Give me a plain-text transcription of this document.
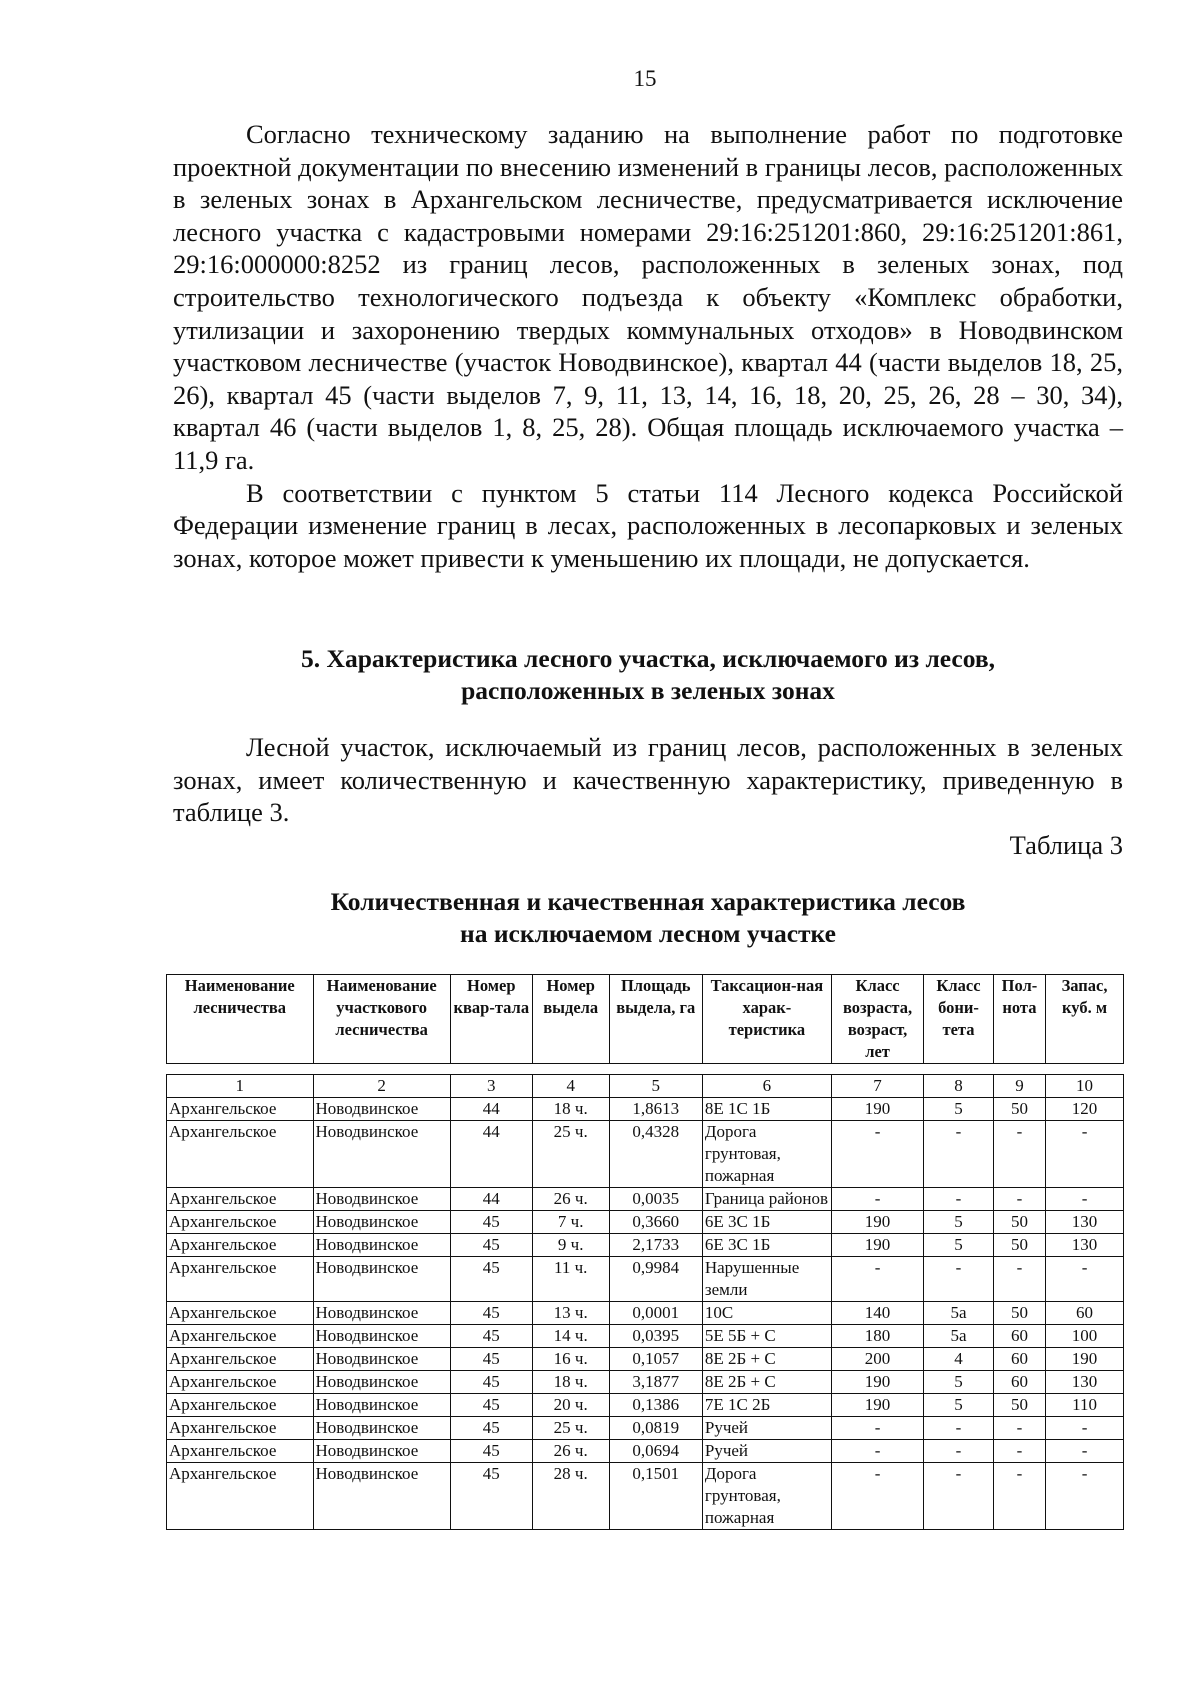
15

Согласно техническому заданию на выполнение работ по подготовке проектной документации по внесению изменений в границы лесов, расположенных в зеленых зонах в Архангельском лесничестве, предусматривается исключение лесного участка с кадастровыми номерами 29:16:251201:860, 29:16:251201:861, 29:16:000000:8252 из границ лесов, расположенных в зеленых зонах, под строительство технологического подъезда к объекту «Комплекс обработки, утилизации и захоронению твердых коммунальных отходов» в Новодвинском участковом лесничестве (участок Новодвинское), квартал 44 (части выделов 18, 25, 26), квартал 45 (части выделов 7, 9, 11, 13, 14, 16, 18, 20, 25, 26, 28 – 30, 34), квартал 46 (части выделов 1, 8, 25, 28). Общая площадь исключаемого участка – 11,9 га.

В соответствии с пунктом 5 статьи 114 Лесного кодекса Российской Федерации изменение границ в лесах, расположенных в лесопарковых и зеленых зонах, которое может привести к уменьшению их площади, не допускается.

5. Характеристика лесного участка, исключаемого из лесов,
расположенных в зеленых зонах

Лесной участок, исключаемый из границ лесов, расположенных в зеленых зонах, имеет количественную и качественную характеристику, приведенную в таблице 3.

Таблица 3
Количественная и качественная характеристика лесов
на исключаемом лесном участке
Наименование лесничества	Наименование участкового лесничества	Номер квар-тала	Номер выдела	Площадь выдела, га	Таксацион-ная харак-теристика	Класс возраста, возраст, лет	Класс бони-тета	Пол-нота	Запас, куб. м
1	2	3	4	5	6	7	8	9	10
Архангельское	Новодвинское	44	18 ч.	1,8613	8Е 1С 1Б	190	5	50	120
Архангельское	Новодвинское	44	25 ч.	0,4328	Дорога грунтовая, пожарная	-	-	-	-
Архангельское	Новодвинское	44	26 ч.	0,0035	Граница районов	-	-	-	-
Архангельское	Новодвинское	45	7 ч.	0,3660	6Е 3С 1Б	190	5	50	130
Архангельское	Новодвинское	45	9 ч.	2,1733	6Е 3С 1Б	190	5	50	130
Архангельское	Новодвинское	45	11 ч.	0,9984	Нарушенные земли	-	-	-	-
Архангельское	Новодвинское	45	13 ч.	0,0001	10С	140	5а	50	60
Архангельское	Новодвинское	45	14 ч.	0,0395	5Е 5Б + С	180	5а	60	100
Архангельское	Новодвинское	45	16 ч.	0,1057	8Е 2Б + С	200	4	60	190
Архангельское	Новодвинское	45	18 ч.	3,1877	8Е 2Б + С	190	5	60	130
Архангельское	Новодвинское	45	20 ч.	0,1386	7Е 1С 2Б	190	5	50	110
Архангельское	Новодвинское	45	25 ч.	0,0819	Ручей	-	-	-	-
Архангельское	Новодвинское	45	26 ч.	0,0694	Ручей	-	-	-	-
Архангельское	Новодвинское	45	28 ч.	0,1501	Дорога грунтовая, пожарная	-	-	-	-
